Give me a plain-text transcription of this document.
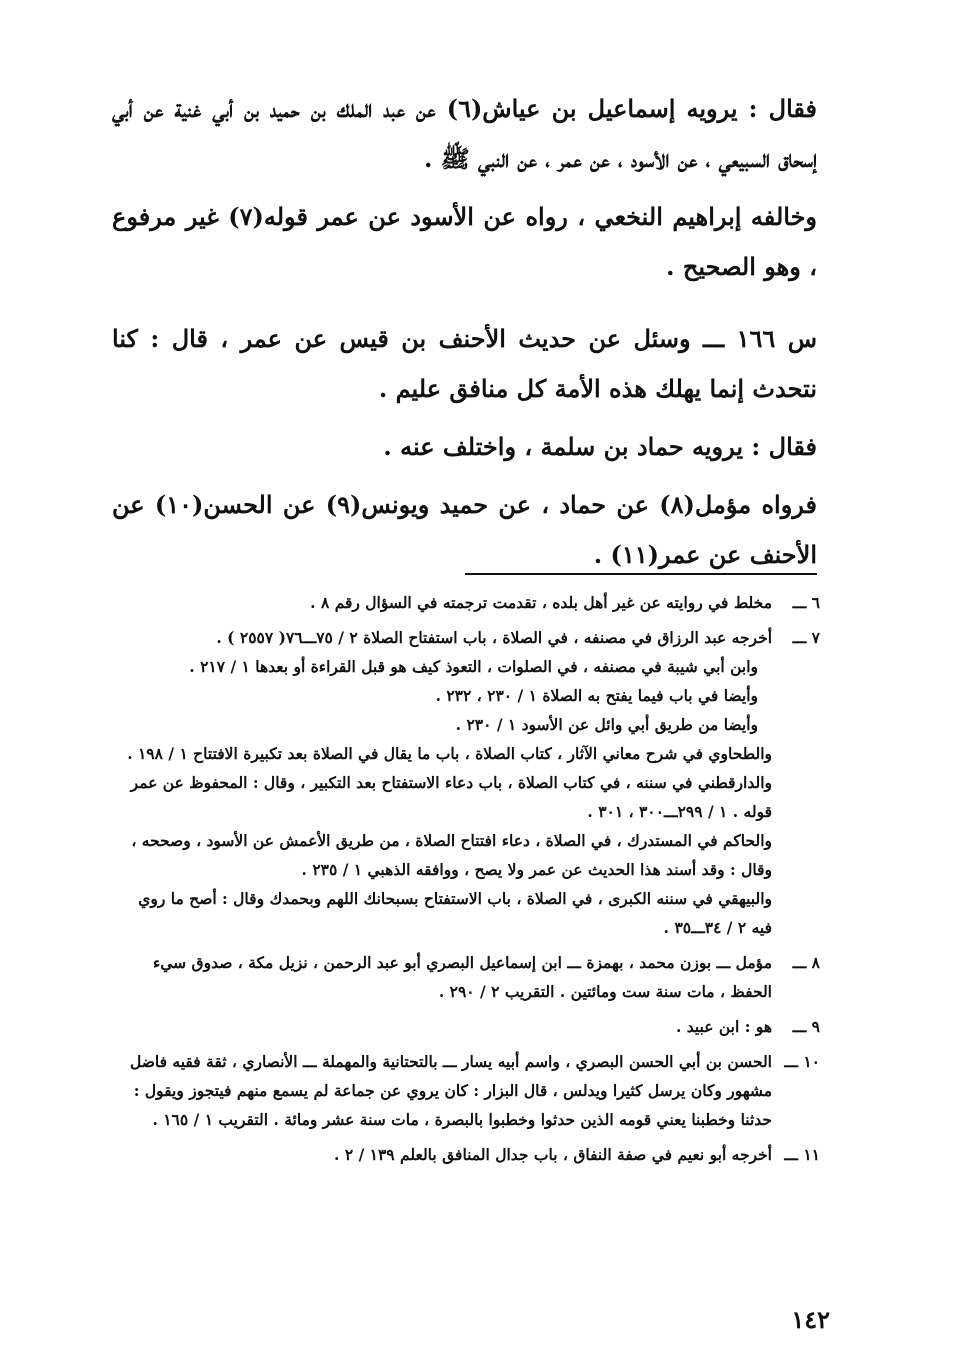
فقال : يرويه إسماعيل بن عياش(٦) عن عبد الملك بن حميد بن أبي غنية عن أبي إسحاق السبيعي ، عن الأسود ، عن عمر ، عن النبي ﷺ .

وخالفه إبراهيم النخعي ، رواه عن الأسود عن عمر قوله(٧) غير مرفوع ، وهو الصحيح .

س ١٦٦ ـــ وسئل عن حديث الأحنف بن قيس عن عمر ، قال : كنا نتحدث إنما يهلك هذه الأمة كل منافق عليم .

فقال : يرويه حماد بن سلمة ، واختلف عنه .

فرواه مؤمل(٨) عن حماد ، عن حميد ويونس(٩) عن الحسن(١٠) عن الأحنف عن عمر(١١) .

٦ ـــ
مخلط في روايته عن غير أهل بلده ، تقدمت ترجمته في السؤال رقم ٨ .
٧ ـــ
أخرجه عبد الرزاق في مصنفه ، في الصلاة ، باب استفتاح الصلاة ٢ / ٧٥ـــ٧٦( ٢٥٥٧ ) .
وابن أبي شيبة في مصنفه ، في الصلوات ، التعوذ كيف هو قبل القراءة أو بعدها ١ / ٢١٧ .
وأيضا في باب فيما يفتح به الصلاة ١ / ٢٣٠ ، ٢٣٢ .
وأيضا من طريق أبي وائل عن الأسود ١ / ٢٣٠ .
والطحاوي في شرح معاني الآثار ، كتاب الصلاة ، باب ما يقال في الصلاة بعد تكبيرة الافتتاح ١ / ١٩٨ .
والدارقطني في سننه ، في كتاب الصلاة ، باب دعاء الاستفتاح بعد التكبير ، وقال : المحفوظ عن عمر قوله . ١ / ٢٩٩ـــ٣٠٠ ، ٣٠١ .
والحاكم في المستدرك ، في الصلاة ، دعاء افتتاح الصلاة ، من طريق الأعمش عن الأسود ، وصححه ، وقال : وقد أسند هذا الحديث عن عمر ولا يصح ، ووافقه الذهبي ١ / ٢٣٥ .
والبيهقي في سننه الكبرى ، في الصلاة ، باب الاستفتاح بسبحانك اللهم وبحمدك وقال : أصح ما روي فيه ٢ / ٣٤ـــ٣٥ .
٨ ـــ
مؤمل ـــ بوزن محمد ، بهمزة ـــ ابن إسماعيل البصري أبو عبد الرحمن ، نزيل مكة ، صدوق سيء الحفظ ، مات سنة ست ومائتين . التقريب ٢ / ٢٩٠ .
٩ ـــ
هو : ابن عبيد .
١٠ ـــ
الحسن بن أبي الحسن البصري ، واسم أبيه يسار ـــ بالتحتانية والمهملة ـــ الأنصاري ، ثقة فقيه فاضل مشهور وكان يرسل كثيرا ويدلس ، قال البزار : كان يروي عن جماعة لم يسمع منهم فيتجوز ويقول : حدثنا وخطبنا يعني قومه الذين حدثوا وخطبوا بالبصرة ، مات سنة عشر ومائة . التقريب ١ / ١٦٥ .
١١ ـــ
أخرجه أبو نعيم في صفة النفاق ، باب جدال المنافق بالعلم ١٣٩ / ٢ .
١٤٢
